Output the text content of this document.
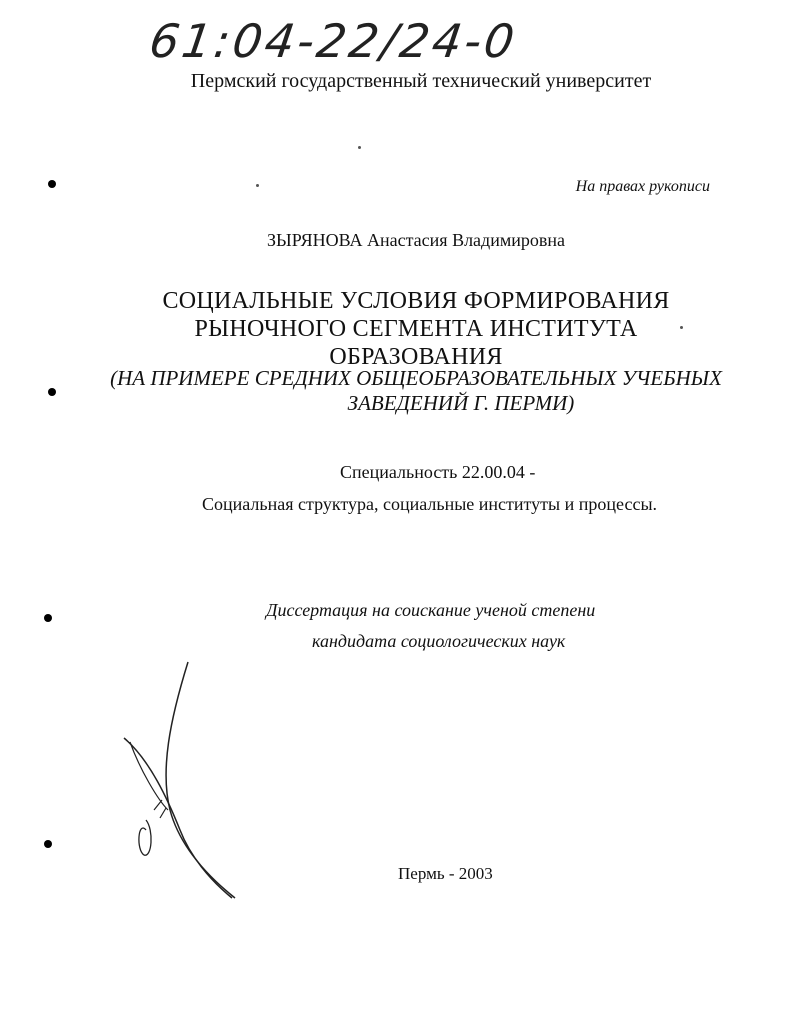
61:04-22/24-0
Пермский государственный технический университет
На правах рукописи
ЗЫРЯНОВА Анастасия Владимировна
СОЦИАЛЬНЫЕ УСЛОВИЯ ФОРМИРОВАНИЯ
РЫНОЧНОГО СЕГМЕНТА ИНСТИТУТА
ОБРАЗОВАНИЯ
(НА ПРИМЕРЕ СРЕДНИХ ОБЩЕОБРАЗОВАТЕЛЬНЫХ УЧЕБНЫХ
ЗАВЕДЕНИЙ Г. ПЕРМИ)
Специальность 22.00.04 -
Социальная структура, социальные институты и процессы.
Диссертация на соискание ученой степени
кандидата социологических наук
Пермь - 2003
